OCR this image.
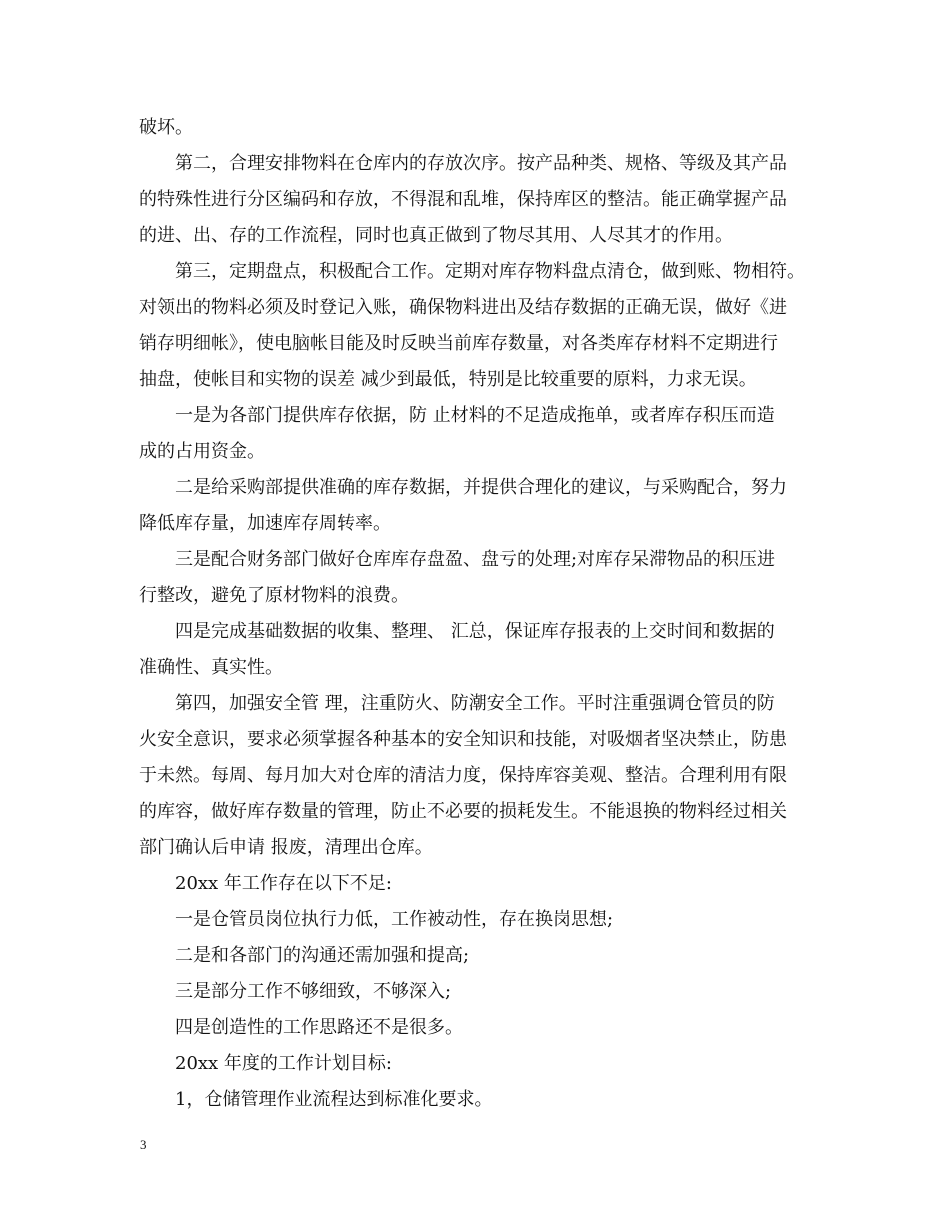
破坏。
第二，合理安排物料在仓库内的存放次序。按产品种类、规格、等级及其产品
的特殊性进行分区编码和存放，不得混和乱堆，保持库区的整洁。能正确掌握产品
的进、出、存的工作流程，同时也真正做到了物尽其用、人尽其才的作用。
第三，定期盘点，积极配合工作。定期对库存物料盘点清仓，做到账、物相符。
对领出的物料必须及时登记入账，确保物料进出及结存数据的正确无误，做好《进
销存明细帐》，使电脑帐目能及时反映当前库存数量，对各类库存材料不定期进行
抽盘，使帐目和实物的误差 减少到最低，特别是比较重要的原料，力求无误。
一是为各部门提供库存依据，防 止材料的不足造成拖单，或者库存积压而造
成的占用资金。
二是给采购部提供准确的库存数据，并提供合理化的建议，与采购配合，努力
降低库存量，加速库存周转率。
三是配合财务部门做好仓库库存盘盈、盘亏的处理;对库存呆滞物品的积压进
行整改，避免了原材物料的浪费。
四是完成基础数据的收集、整理、 汇总，保证库存报表的上交时间和数据的
准确性、真实性。
第四，加强安全管 理，注重防火、防潮安全工作。平时注重强调仓管员的防
火安全意识，要求必须掌握各种基本的安全知识和技能，对吸烟者坚决禁止，防患
于未然。每周、每月加大对仓库的清洁力度，保持库容美观、整洁。合理利用有限
的库容，做好库存数量的管理，防止不必要的损耗发生。不能退换的物料经过相关
部门确认后申请 报废，清理出仓库。
20xx 年工作存在以下不足:
一是仓管员岗位执行力低，工作被动性，存在换岗思想;
二是和各部门的沟通还需加强和提高;
三是部分工作不够细致，不够深入;
四是创造性的工作思路还不是很多。
20xx 年度的工作计划目标:
1，仓储管理作业流程达到标准化要求。
3
